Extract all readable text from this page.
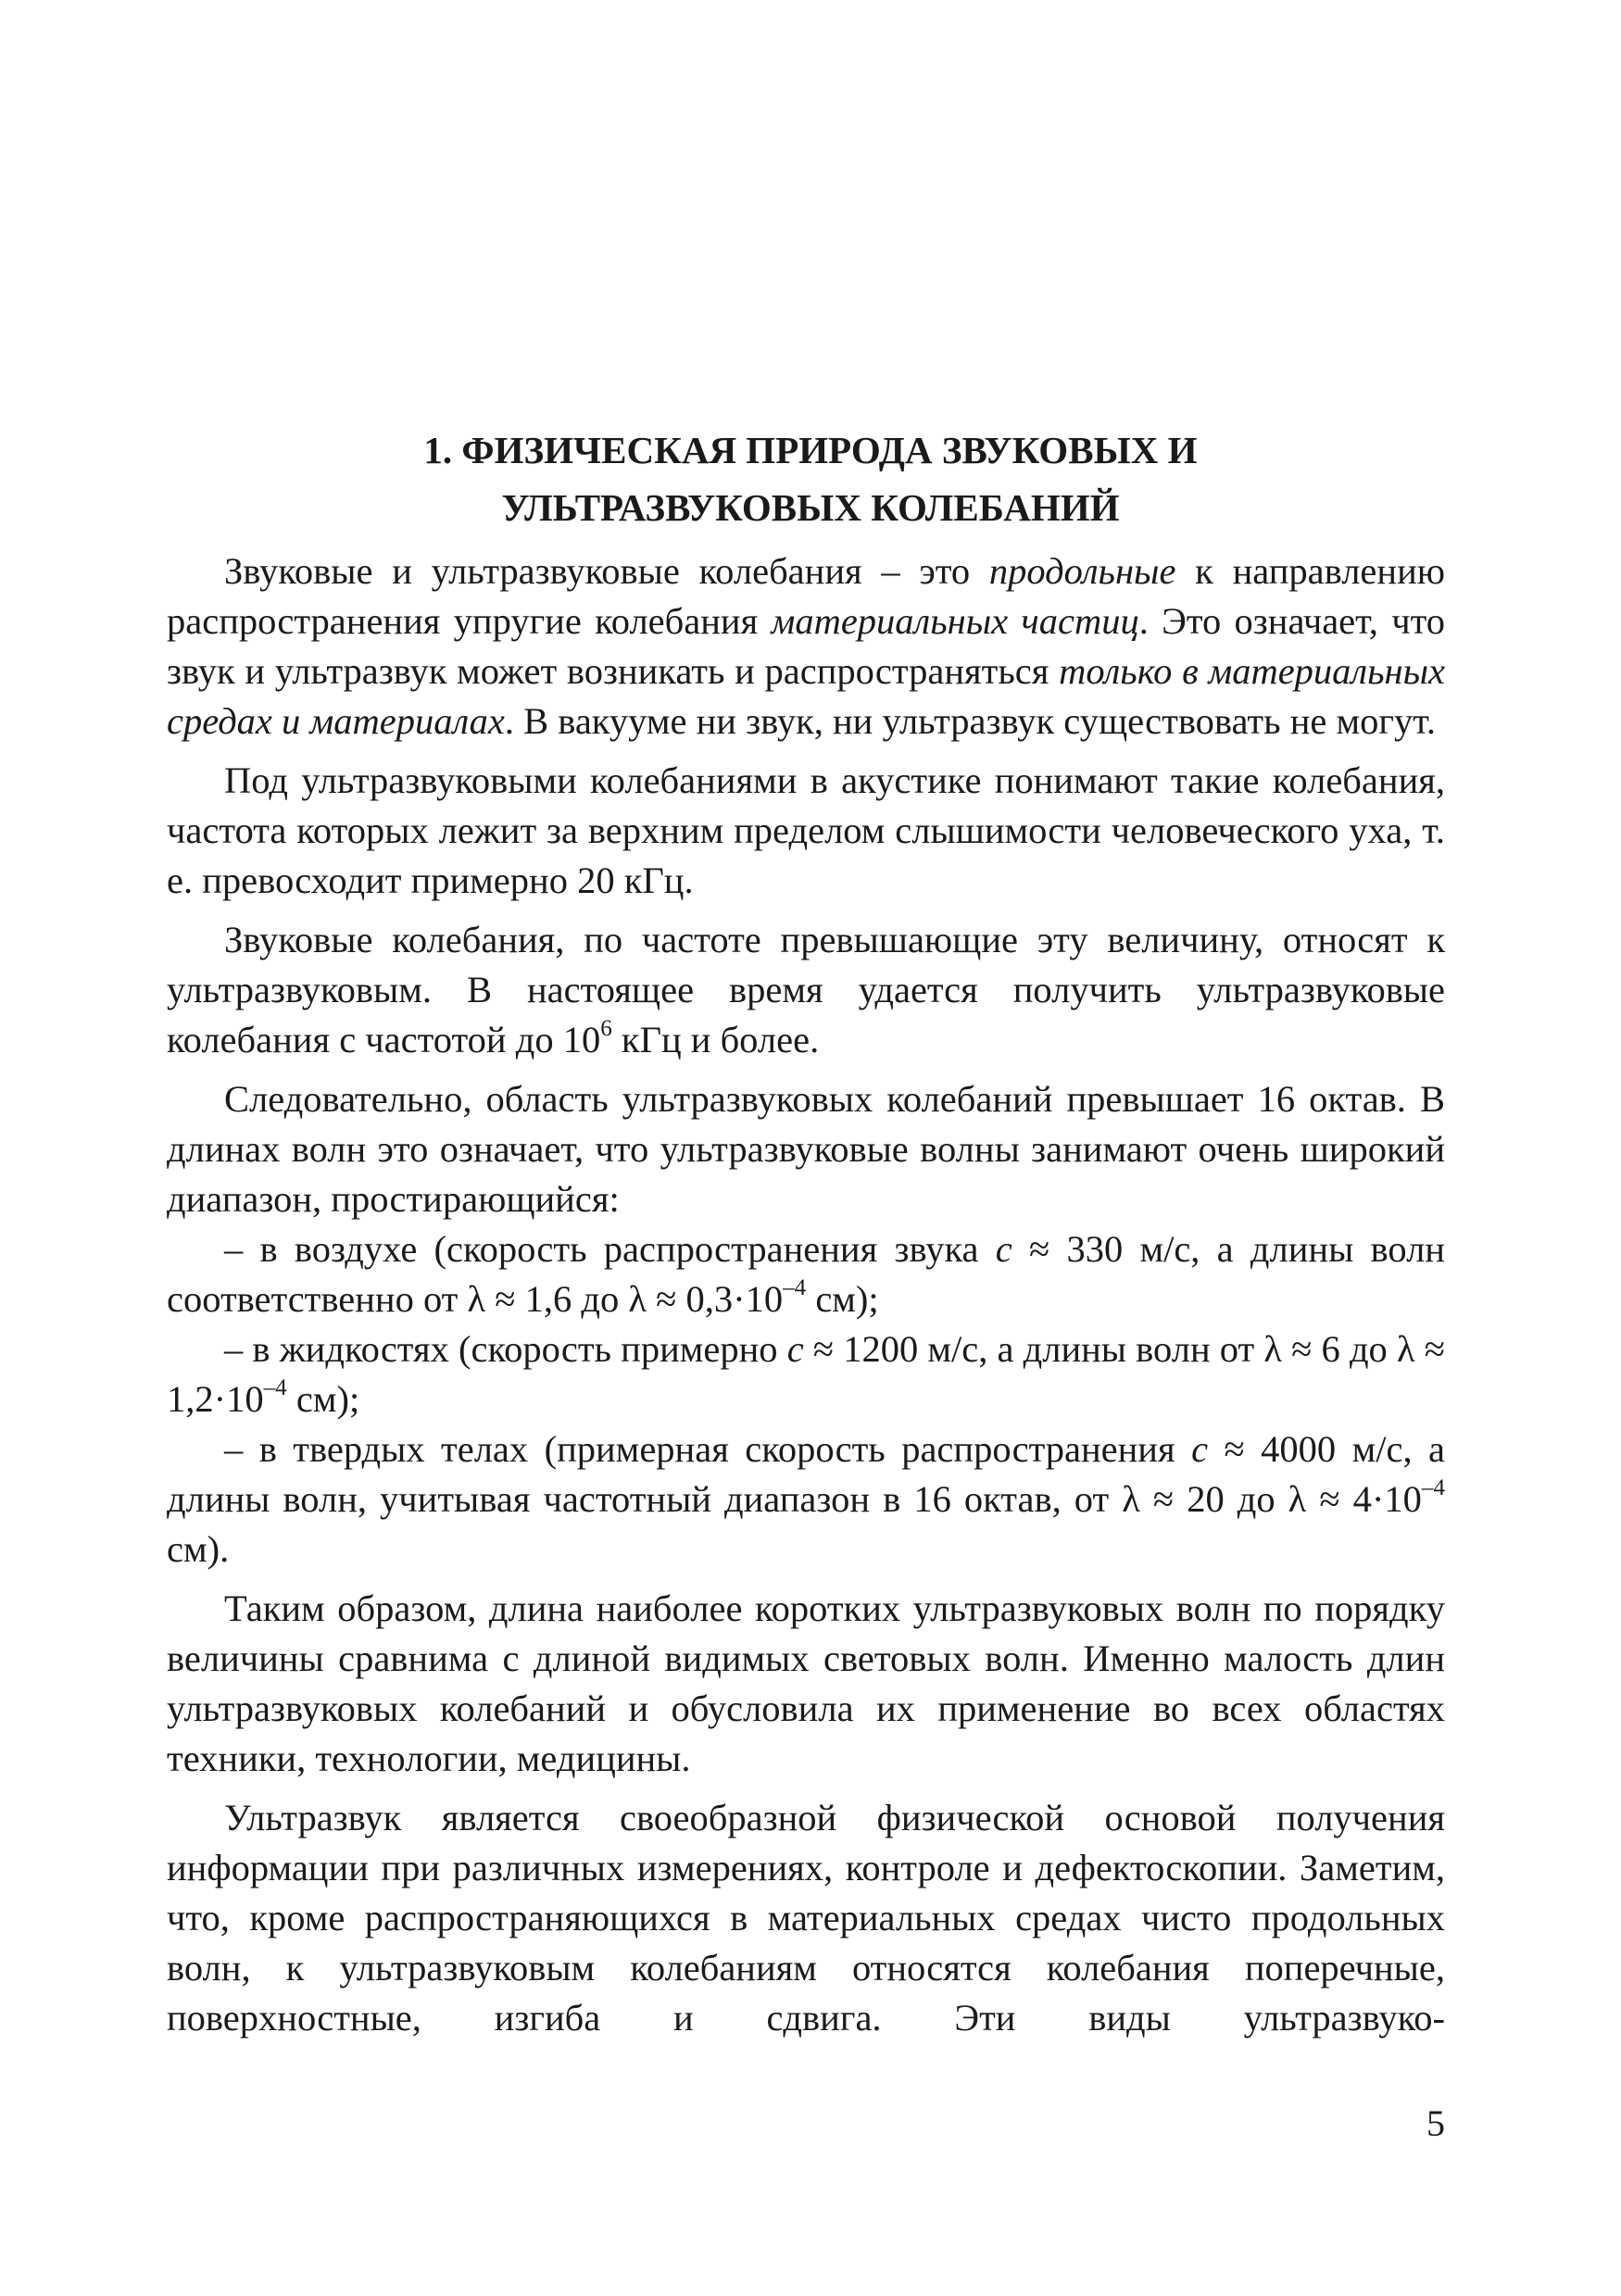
1. ФИЗИЧЕСКАЯ ПРИРОДА ЗВУКОВЫХ И
УЛЬТРАЗВУКОВЫХ КОЛЕБАНИЙ

Звуковые и ультразвуковые колебания – это продольные к направлению распространения упругие колебания материальных частиц. Это означает, что звук и ультразвук может возникать и распространяться только в материальных средах и материалах. В вакууме ни звук, ни ультразвук существовать не могут.

Под ультразвуковыми колебаниями в акустике понимают такие колебания, частота которых лежит за верхним пределом слышимости человеческого уха, т. е. превосходит примерно 20 кГц.

Звуковые колебания, по частоте превышающие эту величину, относят к ультразвуковым. В настоящее время удается получить ультразвуковые колебания с частотой до $10^6$ кГц и более.

Следовательно, область ультразвуковых колебаний превышает 16 октав. В длинах волн это означает, что ультразвуковые волны занимают очень широкий диапазон, простирающийся:

– в воздухе (скорость распространения звука c ≈ 330 м/с, а длины волн соответственно от λ ≈ 1,6 до $\lambda \approx 0,3\cdot 10^{-4}$ см);

– в жидкостях (скорость примерно c ≈ 1200 м/с, а длины волн от λ ≈ 6 до $\lambda \approx 1,2\cdot 10^{-4}$ см);

– в твердых телах (примерная скорость распространения c ≈ 4000 м/с, а длины волн, учитывая частотный диапазон в 16 октав, от λ ≈ 20 до $\lambda \approx 4\cdot 10^{-4}$ см).

Таким образом, длина наиболее коротких ультразвуковых волн по порядку величины сравнима с длиной видимых световых волн. Именно малость длин ультразвуковых колебаний и обусловила их применение во всех областях техники, технологии, медицины.

Ультразвук является своеобразной физической основой получения информации при различных измерениях, контроле и дефектоскопии. Заметим, что, кроме распространяющихся в материальных средах чисто продольных волн, к ультразвуковым колебаниям относятся колебания поперечные, поверхностные, изгиба и сдвига. Эти виды ультразвуко-

5
